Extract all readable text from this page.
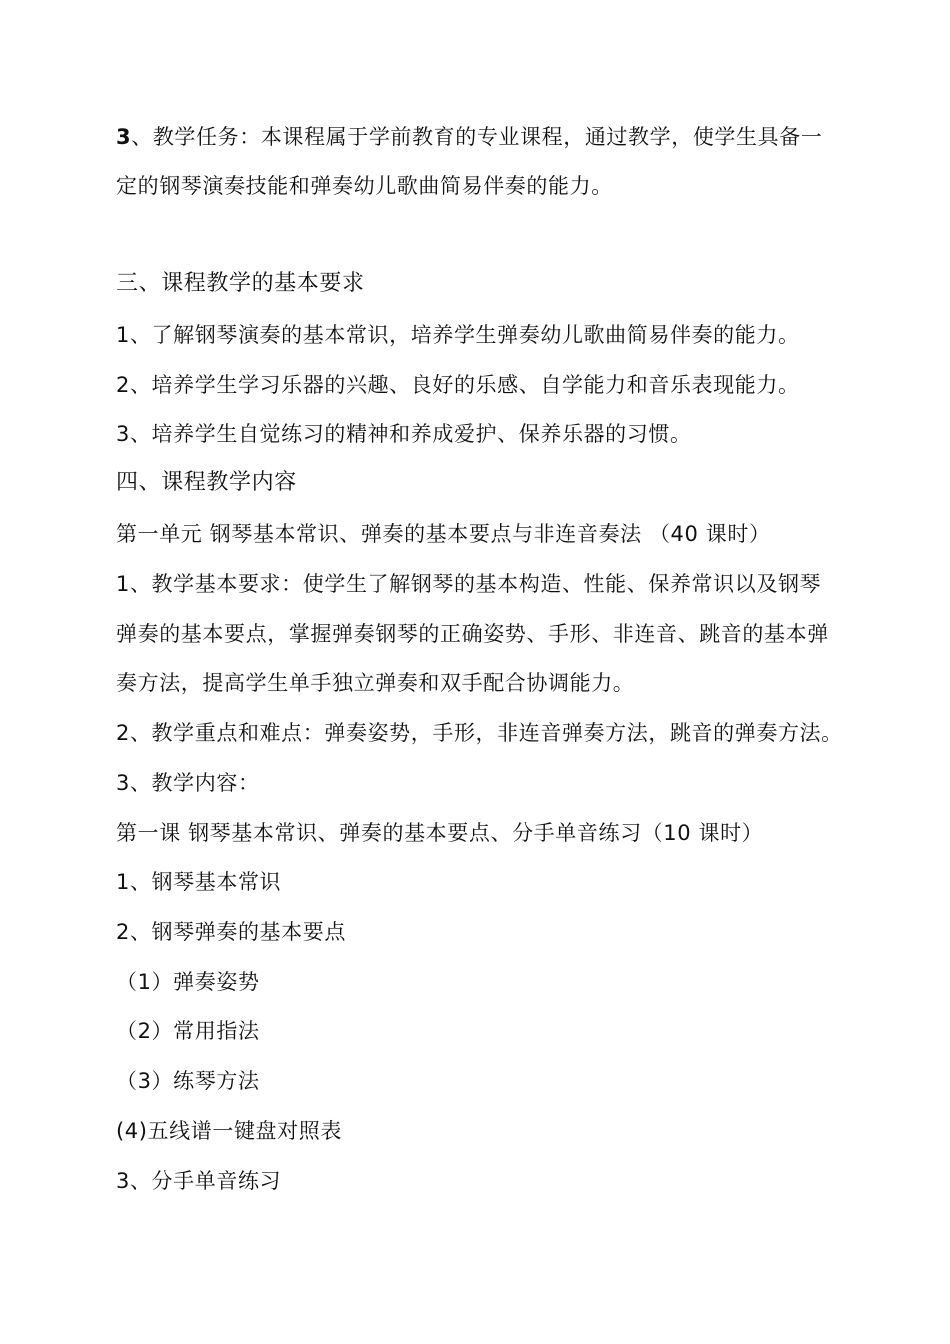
3、教学任务：本课程属于学前教育的专业课程，通过教学，使学生具备一
定的钢琴演奏技能和弹奏幼儿歌曲简易伴奏的能力。
三、课程教学的基本要求
1、了解钢琴演奏的基本常识，培养学生弹奏幼儿歌曲简易伴奏的能力。
2、培养学生学习乐器的兴趣、良好的乐感、自学能力和音乐表现能力。
3、培养学生自觉练习的精神和养成爱护、保养乐器的习惯。
四、课程教学内容
第一单元 钢琴基本常识、弹奏的基本要点与非连音奏法 （40 课时）
1、教学基本要求：使学生了解钢琴的基本构造、性能、保养常识以及钢琴
弹奏的基本要点，掌握弹奏钢琴的正确姿势、手形、非连音、跳音的基本弹
奏方法，提高学生单手独立弹奏和双手配合协调能力。
2、教学重点和难点：弹奏姿势，手形，非连音弹奏方法，跳音的弹奏方法。
3、教学内容：
第一课 钢琴基本常识、弹奏的基本要点、分手单音练习（10 课时）
1、钢琴基本常识
2、钢琴弹奏的基本要点
（1）弹奏姿势
（2）常用指法
（3）练琴方法
(4)五线谱一键盘对照表
3、分手单音练习
